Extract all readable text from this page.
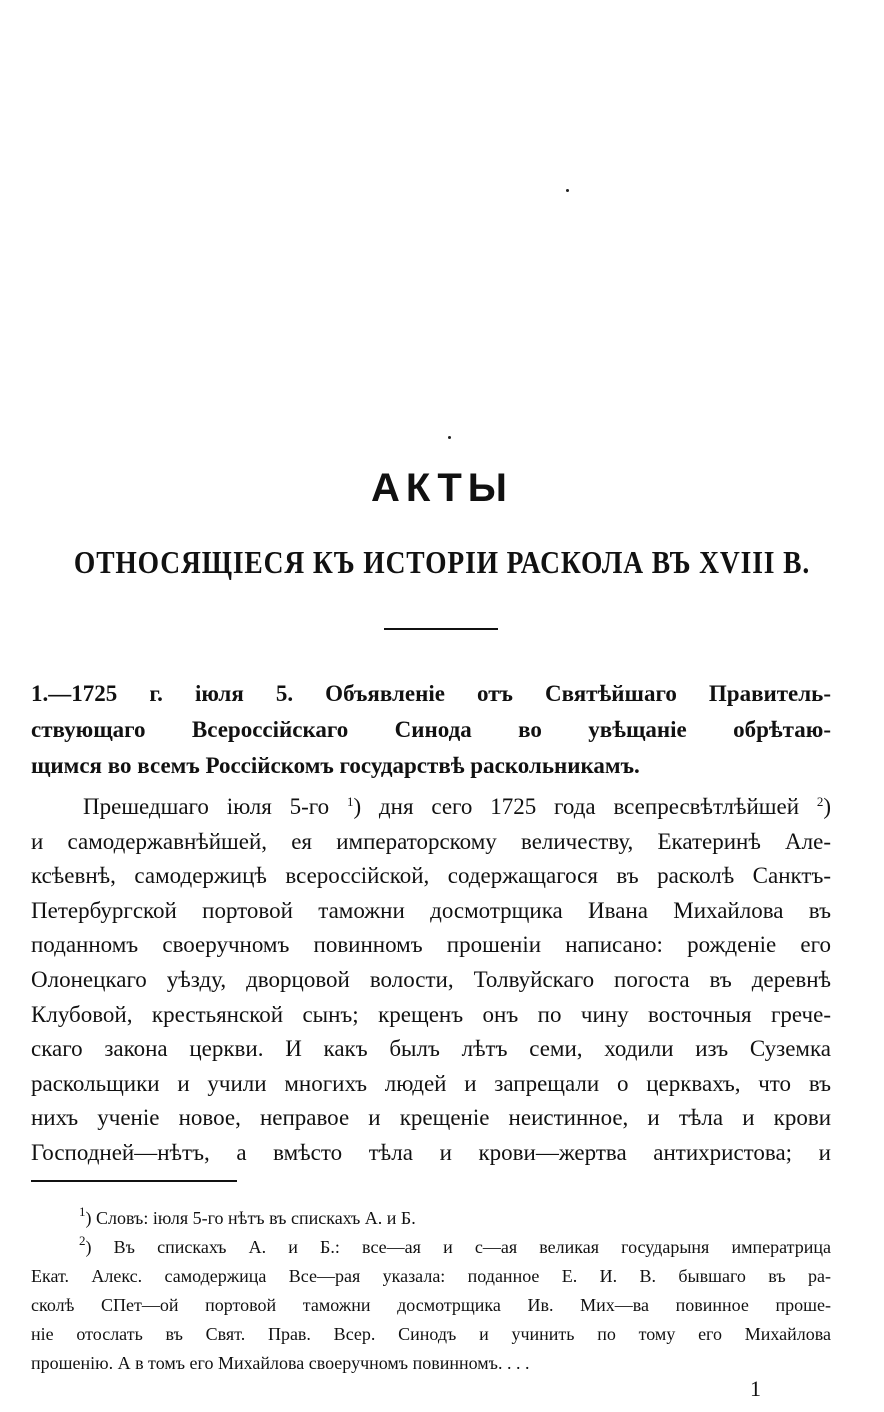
АКТЫ
ОТНОСЯЩIЕСЯ КЪ ИСТОРIИ РАСКОЛА ВЪ XVIII В.
1.—1725 г. іюля 5. Объявленіе отъ Святѣйшаго Правитель-
ствующаго Всероссійскаго Синода во увѣщаніе обрѣтаю-
щимся во всемъ Россійскомъ государствѣ раскольникамъ.
Прешедшаго іюля 5-го $^1$) дня сего 1725 года всепресвѣтлѣйшей $^2$)
и самодержавнѣйшей, ея императорскому величеству, Екатеринѣ Але-
ксѣевнѣ, самодержицѣ всероссійской, содержащагося въ расколѣ Санктъ-
Петербургской портовой таможни досмотрщика Ивана Михайлова въ
поданномъ своеручномъ повинномъ прошеніи написано: рожденіе его
Олонецкаго уѣзду, дворцовой волости, Толвуйскаго погоста въ деревнѣ
Клубовой, крестьянской сынъ; крещенъ онъ по чину восточныя грече-
скаго закона церкви. И какъ былъ лѣтъ семи, ходили изъ Суземка
раскольщики и учили многихъ людей и запрещали о церквахъ, что въ
нихъ ученіе новое, неправое и крещеніе неистинное, и тѣла и крови
Господней—нѣтъ, а вмѣсто тѣла и крови—жертва антихристова; и
$^1$) Словъ: іюля 5-го нѣтъ въ спискахъ А. и Б.
$^2$) Въ спискахъ А. и Б.: все—ая и с—ая великая государыня императрица
Екат. Алекс. самодержица Все—рая указала: поданное Е. И. В. бывшаго въ ра-
сколѣ СПет—ой портовой таможни досмотрщика Ив. Мих—ва повинное проше-
ніе отослать въ Свят. Прав. Всер. Синодъ и учинить по тому его Михайлова
прошенію. А в томъ его Михайлова своеручномъ повинномъ. . . .
1
